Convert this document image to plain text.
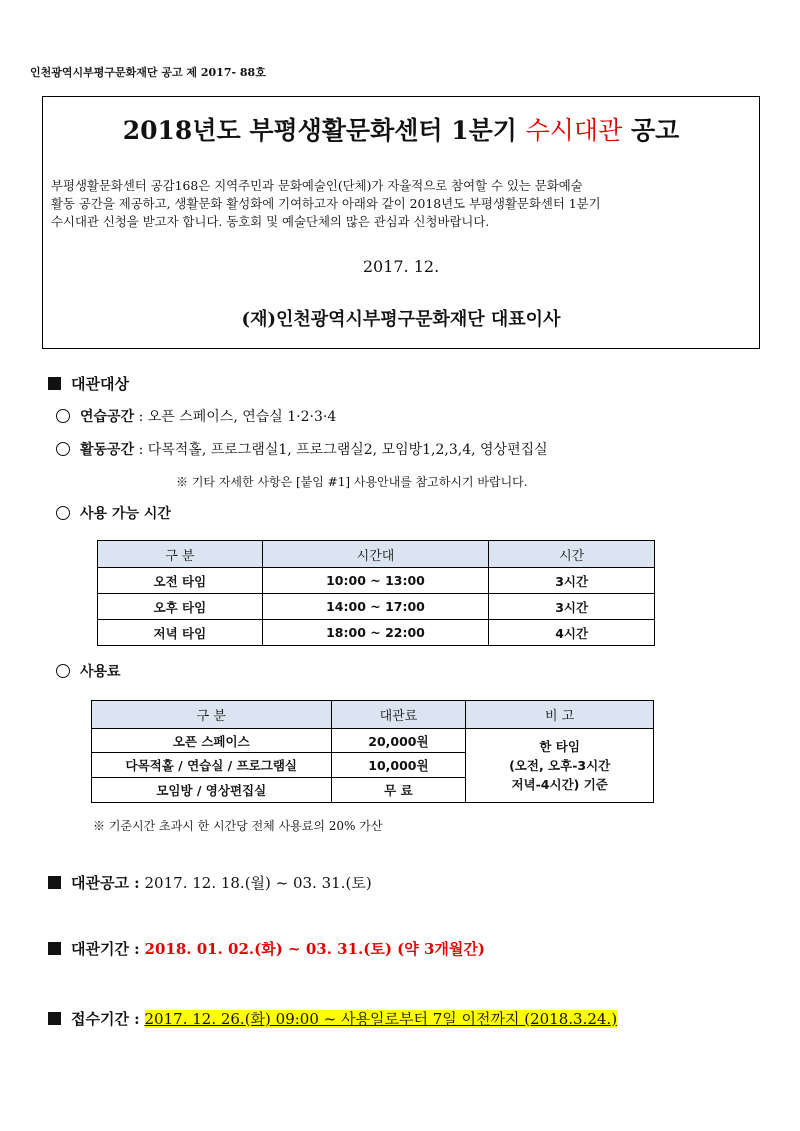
인천광역시부평구문화재단 공고 제 2017- 88호
2018년도 부평생활문화센터 1분기 수시대관 공고
부평생활문화센터 공감168은 지역주민과 문화예술인(단체)가 자율적으로 참여할 수 있는 문화예술
활동 공간을 제공하고, 생활문화 활성화에 기여하고자 아래와 같이 2018년도 부평생활문화센터 1분기
수시대관 신청을 받고자 합니다. 동호회 및 예술단체의 많은 관심과 신청바랍니다.
2017. 12.
(재)인천광역시부평구문화재단 대표이사
대관대상
연습공간 : 오픈 스페이스, 연습실 1·2·3·4
활동공간 : 다목적홀, 프로그램실1, 프로그램실2, 모임방1,2,3,4, 영상편집실
※ 기타 자세한 사항은 [붙임 #1] 사용안내를 참고하시기 바랍니다.
사용 가능 시간
구 분	시간대	시간
오전 타임	10:00 ~ 13:00	3시간
오후 타임	14:00 ~ 17:00	3시간
저녁 타임	18:00 ~ 22:00	4시간
사용료
구 분	대관료	비 고
오픈 스페이스	20,000원	한 타임
(오전, 오후-3시간
저녁-4시간) 기준

다목적홀 / 연습실 / 프로그램실	10,000원	
모임방 / 영상편집실	무 료	
※ 기준시간 초과시 한 시간당 전체 사용료의 20% 가산
대관공고 : 2017. 12. 18.(월) ~ 03. 31.(토)
대관기간 : 2018. 01. 02.(화) ~ 03. 31.(토) (약 3개월간)
접수기간 : 2017. 12. 26.(화) 09:00 ~ 사용일로부터 7일 이전까지 (2018.3.24.)
